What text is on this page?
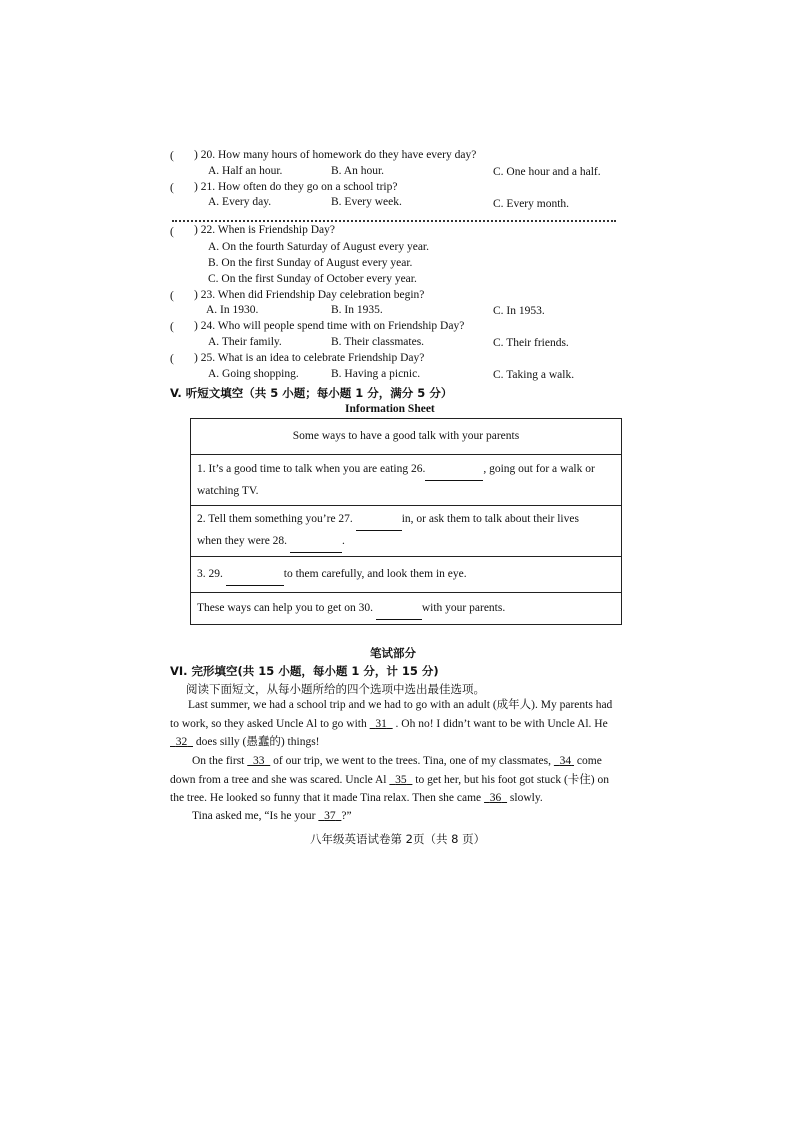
( ) 20. How many hours of homework do they have every day?
A. Half an hour.	B. An hour.	C. One hour and a half.
( ) 21. How often do they go on a school trip?
A. Every day.	B. Every week.	C. Every month.
( ) 22. When is Friendship Day?
A. On the fourth Saturday of August every year.
B. On the first Sunday of August every year.
C. On the first Sunday of October every year.
( ) 23. When did Friendship Day celebration begin?
A. In 1930.	B. In 1935.	C. In 1953.
( ) 24. Who will people spend time with on Friendship Day?
A. Their family.	B. Their classmates.	C. Their friends.
( ) 25. What is an idea to celebrate Friendship Day?
A. Going shopping.	B. Having a picnic.	C. Taking a walk.
V. 听短文填空（共 5 小题；每小题 1 分，满分 5 分）
Information Sheet
Some ways to have a good talk with your parents
1. It’s a good time to talk when you are eating 26.	, going out for a walk or
watching TV.
2. Tell them something you’re 27.	in, or ask them to talk about their lives
when they were 28.	.
3. 29.	to them carefully, and look them in eye.
These ways can help you to get on 30.	with your parents.
笔试部分
VI. 完形填空(共 15 小题，每小题 1 分，计 15 分)
阅读下面短文，从每小题所给的四个选项中选出最佳选项。
Last summer, we had a school trip and we had to go with an adult (成年人). My parents had to work, so they asked Uncle Al to go with 31 . Oh no! I didn’t want to be with Uncle Al. He   32 does silly (愚蠢的) things!
On the first 33 of our trip, we went to the trees. Tina, one of my classmates, 34 come down from a tree and she was scared. Uncle Al 35 to get her, but his foot got stuck (卡住) on the tree. He looked so funny that it made Tina relax. Then she came 36 slowly.
Tina asked me, “Is he your 37 ?”
八年级英语试卷第 2页（共 8 页）
